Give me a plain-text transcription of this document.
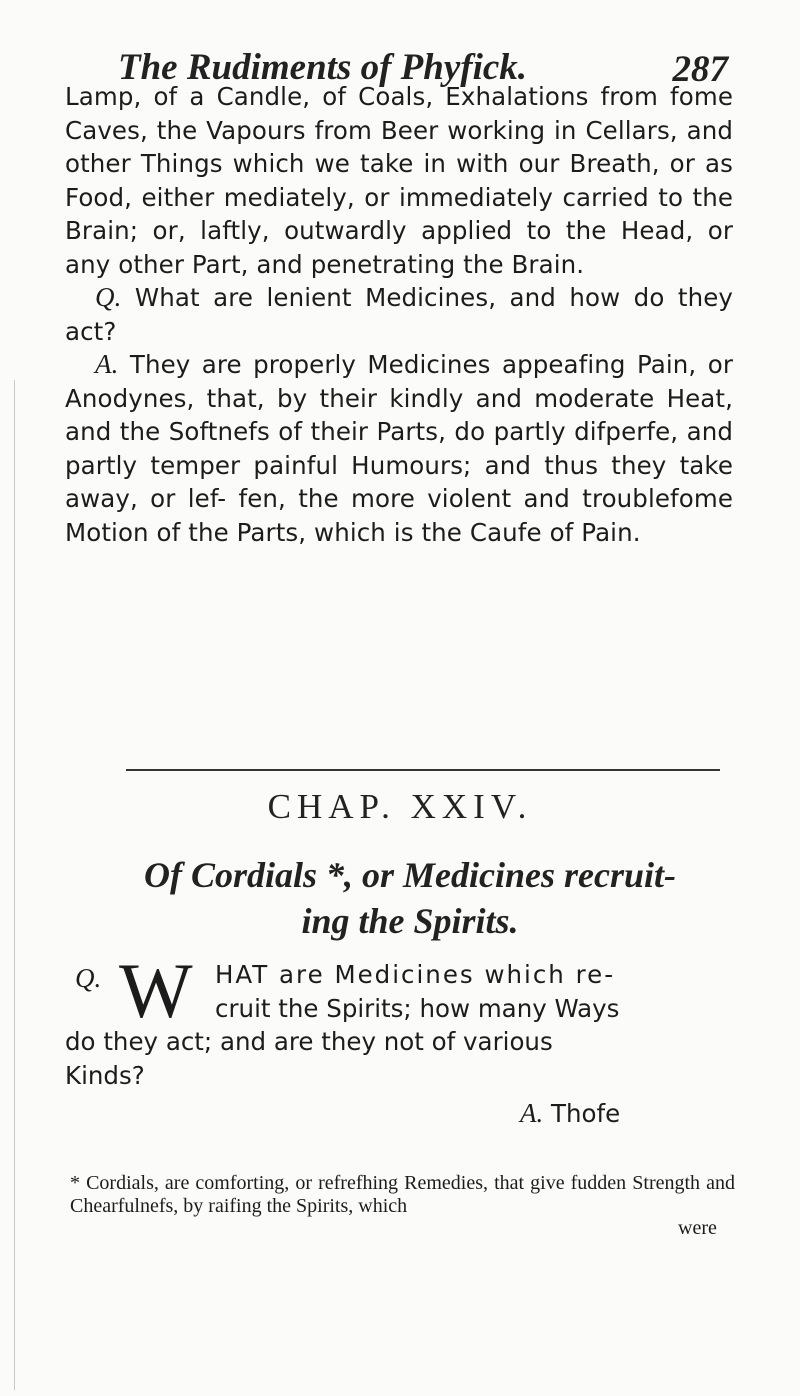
The Rudiments of Phyfick.	287

Lamp, of a Candle, of Coals, Exhalations from fome Caves, the Vapours from Beer working in Cellars, and other Things which we take in with our Breath, or as Food, either mediately, or immediately carried to the Brain; or, laftly, outwardly applied to the Head, or any other Part, and penetrating the Brain.

Q. What are lenient Medicines, and how do they act?

A. They are properly Medicines appeafing Pain, or Anodynes, that, by their kindly and moderate Heat, and the Softnefs of their Parts, do partly difperfe, and partly temper painful Humours; and thus they take away, or lef- fen, the more violent and troublefome Motion of the Parts, which is the Caufe of Pain.

CHAP. XXIV.
Of Cordials *, or Medicines recruit-
ing the Spirits.
Q. W HAT are Medicines which re-
cruit the Spirits; how many Ways
do they act; and are they not of various
Kinds?
A. Thofe
* Cordials, are comforting, or refrefhing Remedies, that give fudden Strength and Chearfulnefs, by raifing the Spirits, which
were
